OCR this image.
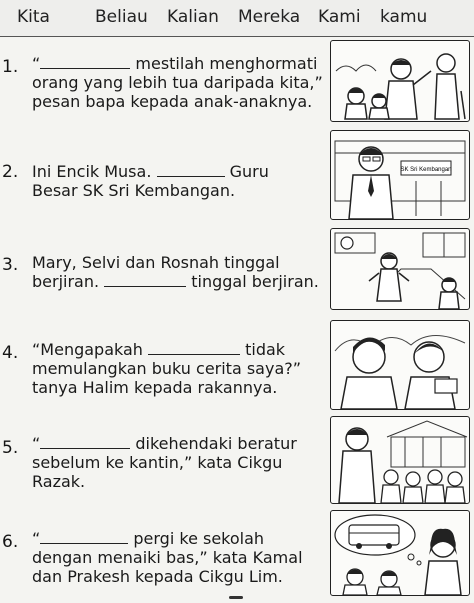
Kita	Beliau Kalian Mereka Kami kamu
1. “	mestilah menghormati
orang yang lebih tua daripada kita,”
pesan bapa kepada anak-anaknya.
2. Ini Encik Musa.	Guru
Besar SK Sri Kembangan.
3. Mary, Selvi dan Rosnah tinggal
berjiran.	tinggal berjiran.
4. “Mengapakah	tidak
memulangkan buku cerita saya?”
tanya Halim kepada rakannya.
5. “	dikehendaki beratur
sebelum ke kantin,” kata Cikgu
Razak.
6. “	pergi ke sekolah
dengan menaiki bas,” kata Kamal
dan Prakesh kepada Cikgu Lim.
SK Sri Kembangan
